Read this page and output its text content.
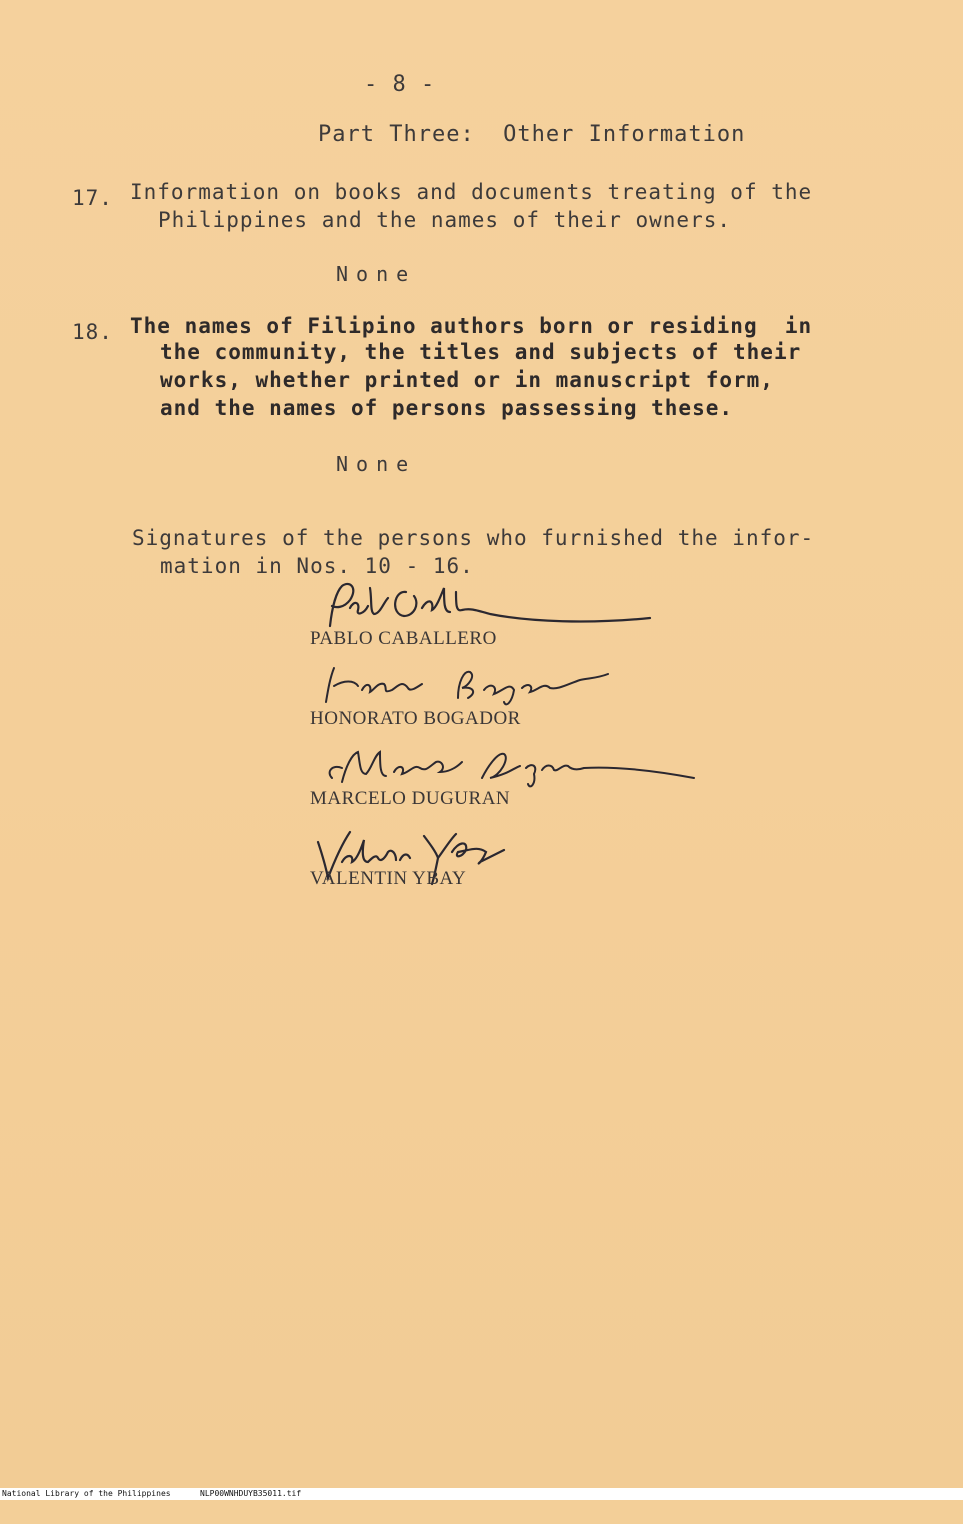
- 8 -
Part Three:  Other Information
17. Information on books and documents treating of the
Philippines and the names of their owners.
None
18. The names of Filipino authors born or residing  in
the community, the titles and subjects of their
works, whether printed or in manuscript form,
and the names of persons passessing these.
None
Signatures of the persons who furnished the infor-
mation in Nos. 10 - 16.
PABLO CABALLERO
HONORATO BOGADOR
MARCELO DUGURAN
VALENTIN YBAY

National Library of the Philippines

	NLP00WNHDUYB35011.tif
